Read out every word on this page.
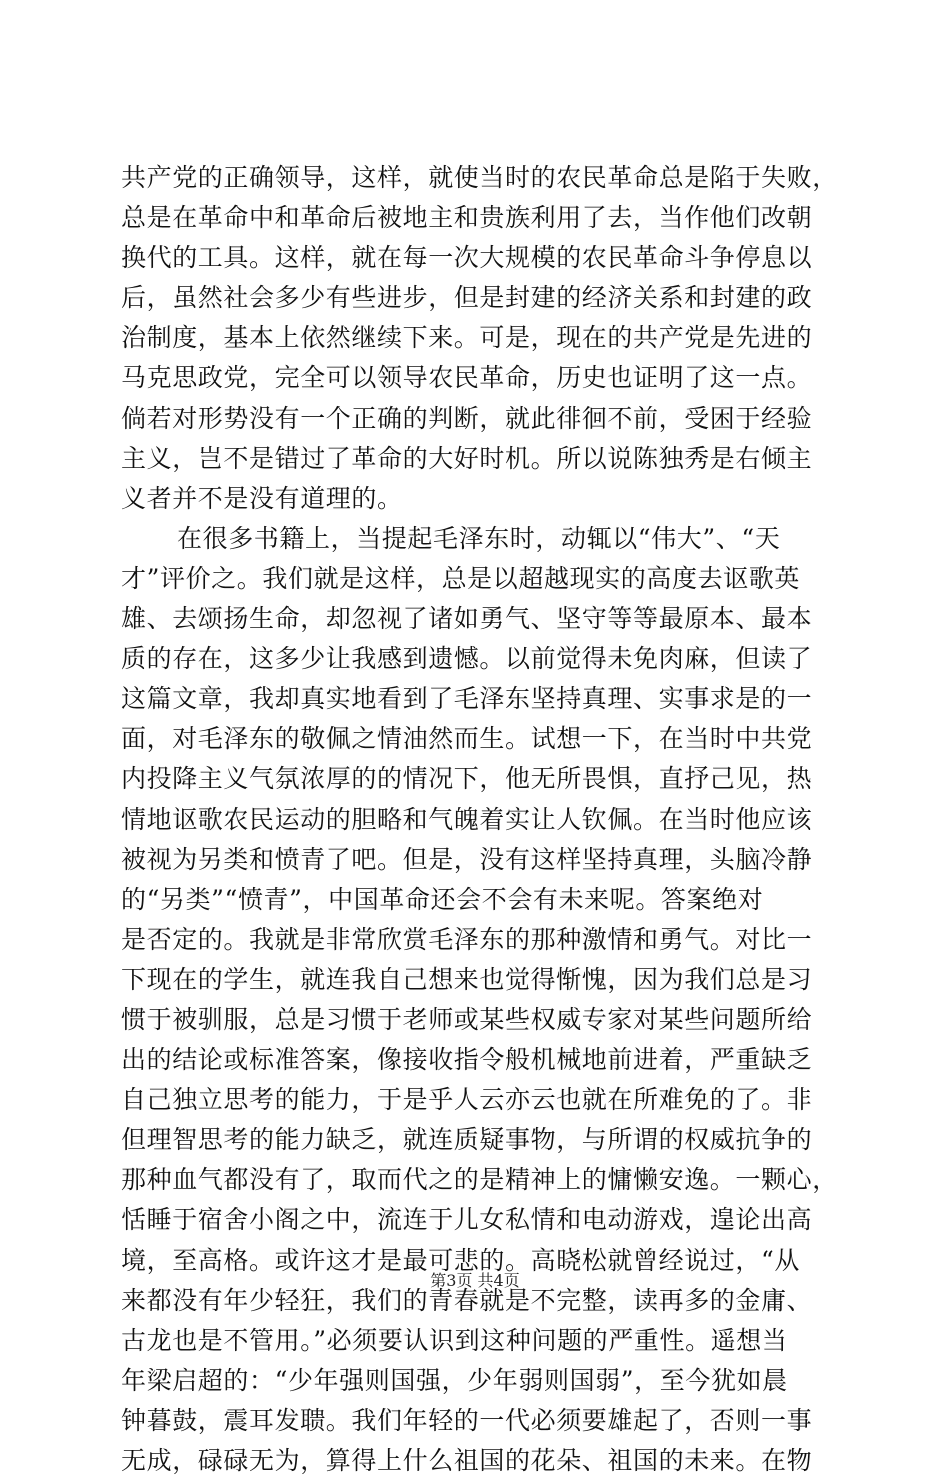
共产党的正确领导，这样，就使当时的农民革命总是陷于失败，
总是在革命中和革命后被地主和贵族利用了去，当作他们改朝
换代的工具。这样，就在每一次大规模的农民革命斗争停息以
后，虽然社会多少有些进步，但是封建的经济关系和封建的政
治制度，基本上依然继续下来。可是，现在的共产党是先进的
马克思政党，完全可以领导农民革命，历史也证明了这一点。
倘若对形势没有一个正确的判断，就此徘徊不前，受困于经验
主义，岂不是错过了革命的大好时机。所以说陈独秀是右倾主
义者并不是没有道理的。
在很多书籍上，当提起毛泽东时，动辄以“伟大”、“天
才”评价之。我们就是这样，总是以超越现实的高度去讴歌英
雄、去颂扬生命，却忽视了诸如勇气、坚守等等最原本、最本
质的存在，这多少让我感到遗憾。以前觉得未免肉麻，但读了
这篇文章，我却真实地看到了毛泽东坚持真理、实事求是的一
面，对毛泽东的敬佩之情油然而生。试想一下，在当时中共党
内投降主义气氛浓厚的的情况下，他无所畏惧，直抒己见，热
情地讴歌农民运动的胆略和气魄着实让人钦佩。在当时他应该
被视为另类和愤青了吧。但是，没有这样坚持真理，头脑冷静
的“另类”“愤青”，中国革命还会不会有未来呢。答案绝对
是否定的。我就是非常欣赏毛泽东的那种激情和勇气。对比一
下现在的学生，就连我自己想来也觉得惭愧，因为我们总是习
惯于被驯服，总是习惯于老师或某些权威专家对某些问题所给
出的结论或标准答案，像接收指令般机械地前进着，严重缺乏
自己独立思考的能力，于是乎人云亦云也就在所难免的了。非
但理智思考的能力缺乏，就连质疑事物，与所谓的权威抗争的
那种血气都没有了，取而代之的是精神上的慵懒安逸。一颗心，
恬睡于宿舍小阁之中，流连于儿女私情和电动游戏，遑论出高
境，至高格。或许这才是最可悲的。高晓松就曾经说过，“从
来都没有年少轻狂，我们的青春就是不完整，读再多的金庸、
古龙也是不管用。”必须要认识到这种问题的严重性。遥想当
年梁启超的：“少年强则国强，少年弱则国弱”，至今犹如晨
钟暮鼓，震耳发聩。我们年轻的一代必须要雄起了，否则一事
无成，碌碌无为，算得上什么祖国的花朵、祖国的未来。在物
第3页 共4页
